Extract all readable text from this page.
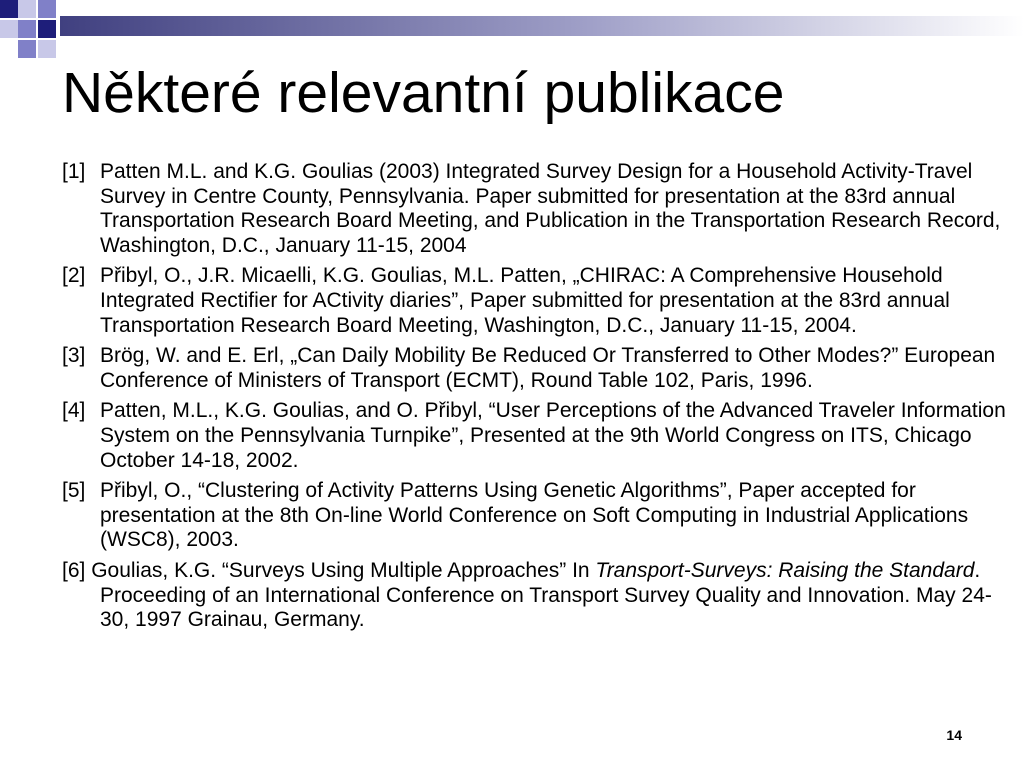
Některé relevantní publikace
[1] Patten M.L. and K.G. Goulias (2003) Integrated Survey Design for a Household Activity-Travel Survey in Centre County, Pennsylvania. Paper submitted for presentation at the 83rd annual Transportation Research Board Meeting, and Publication in the Transportation Research Record, Washington, D.C., January 11-15, 2004
[2] Přibyl, O., J.R. Micaelli, K.G. Goulias, M.L. Patten, „CHIRAC: A Comprehensive Household Integrated Rectifier for ACtivity diaries”, Paper submitted for presentation at the 83rd annual Transportation Research Board Meeting, Washington, D.C., January 11-15, 2004.
[3] Brög, W. and E. Erl, „Can Daily Mobility Be Reduced Or Transferred to Other Modes?” European Conference of Ministers of Transport (ECMT), Round Table 102, Paris, 1996.
[4] Patten, M.L., K.G. Goulias, and O. Přibyl, “User Perceptions of the Advanced Traveler Information System on the Pennsylvania Turnpike”, Presented at the 9th World Congress on ITS, Chicago October 14-18, 2002.
[5] Přibyl, O., “Clustering of Activity Patterns Using Genetic Algorithms”, Paper accepted for presentation at the 8th On-line World Conference on Soft Computing in Industrial Applications (WSC8), 2003.
[6] Goulias, K.G. “Surveys Using Multiple Approaches” In Transport-Surveys: Raising the Standard. Proceeding of an International Conference on Transport Survey Quality and Innovation. May 24-30, 1997 Grainau, Germany.
14
